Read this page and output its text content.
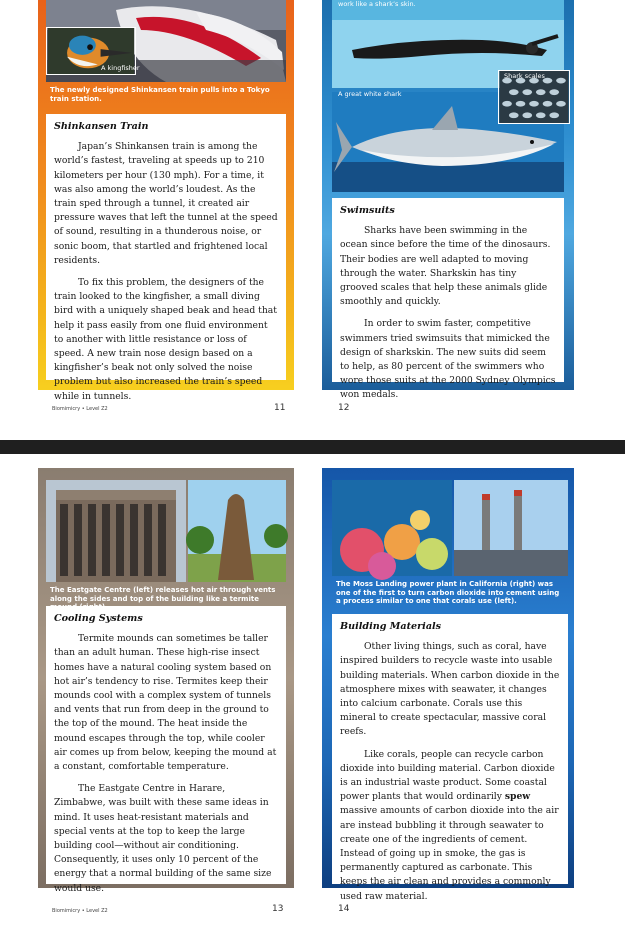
A kingfisher
The newly designed Shinkansen train pulls into a Tokyo train station.
Shinkansen Train

Japan’s Shinkansen train is among the world’s fastest, traveling at speeds up to 210 kilometers per hour (130 mph). For a time, it was also among the world’s loudest. As the train sped through a tunnel, it created air pressure waves that left the tunnel at the speed of sound, resulting in a thunderous noise, or sonic boom, that startled and frightened local residents.

To fix this problem, the designers of the train looked to the kingfisher, a small diving bird with a uniquely shaped beak and head that help it pass easily from one fluid environment to another with little resistance or loss of speed. A new train nose design based on a kingfisher’s beak not only solved the noise problem but also increased the train’s speed while in tunnels.

Biomimicry • Level Z2	11
work like a shark’s skin.
Shark scales
A great white shark
Swimsuits

Sharks have been swimming in the ocean since before the time of the dinosaurs. Their bodies are well adapted to moving through the water. Sharkskin has tiny grooved scales that help these animals glide smoothly and quickly.

In order to swim faster, competitive swimmers tried swimsuits that mimicked the design of sharkskin. The new suits did seem to help, as 80 percent of the swimmers who wore those suits at the 2000 Sydney Olympics won medals.

12
The Eastgate Centre (left) releases hot air through vents along the sides and top of the building like a termite
Cooling Systems

Termite mounds can sometimes be taller than an adult human. These high-rise insect homes have a natural cooling system based on hot air’s tendency to rise. Termites keep their mounds cool with a complex system of tunnels and vents that run from deep in the ground to the top of the mound. The heat inside the mound escapes through the top, while cooler air comes up from below, keeping the mound at a constant, comfortable temperature.

The Eastgate Centre in Harare, Zimbabwe, was built with these same ideas in mind. It uses heat-resistant materials and special vents at the top to keep the large building cool—without air conditioning. Consequently, it uses only 10 percent of the energy that a normal building of the same size would use.

Biomimicry • Level Z2	13
The Moss Landing power plant in California (right) was one of the first to turn carbon dioxide into cement using a process similar to one that corals use (left).
Building Materials

Other living things, such as coral, have inspired builders to recycle waste into usable building materials. When carbon dioxide in the atmosphere mixes with seawater, it changes into calcium carbonate. Corals use this mineral to create spectacular, massive coral reefs.

Like corals, people can recycle carbon dioxide into building material. Carbon dioxide is an industrial waste product. Some coastal power plants that would ordinarily spew massive amounts of carbon dioxide into the air are instead bubbling it through seawater to create one of the ingredients of cement. Instead of going up in smoke, the gas is permanently captured as carbonate. This keeps the air clean and provides a commonly used raw material.

14
